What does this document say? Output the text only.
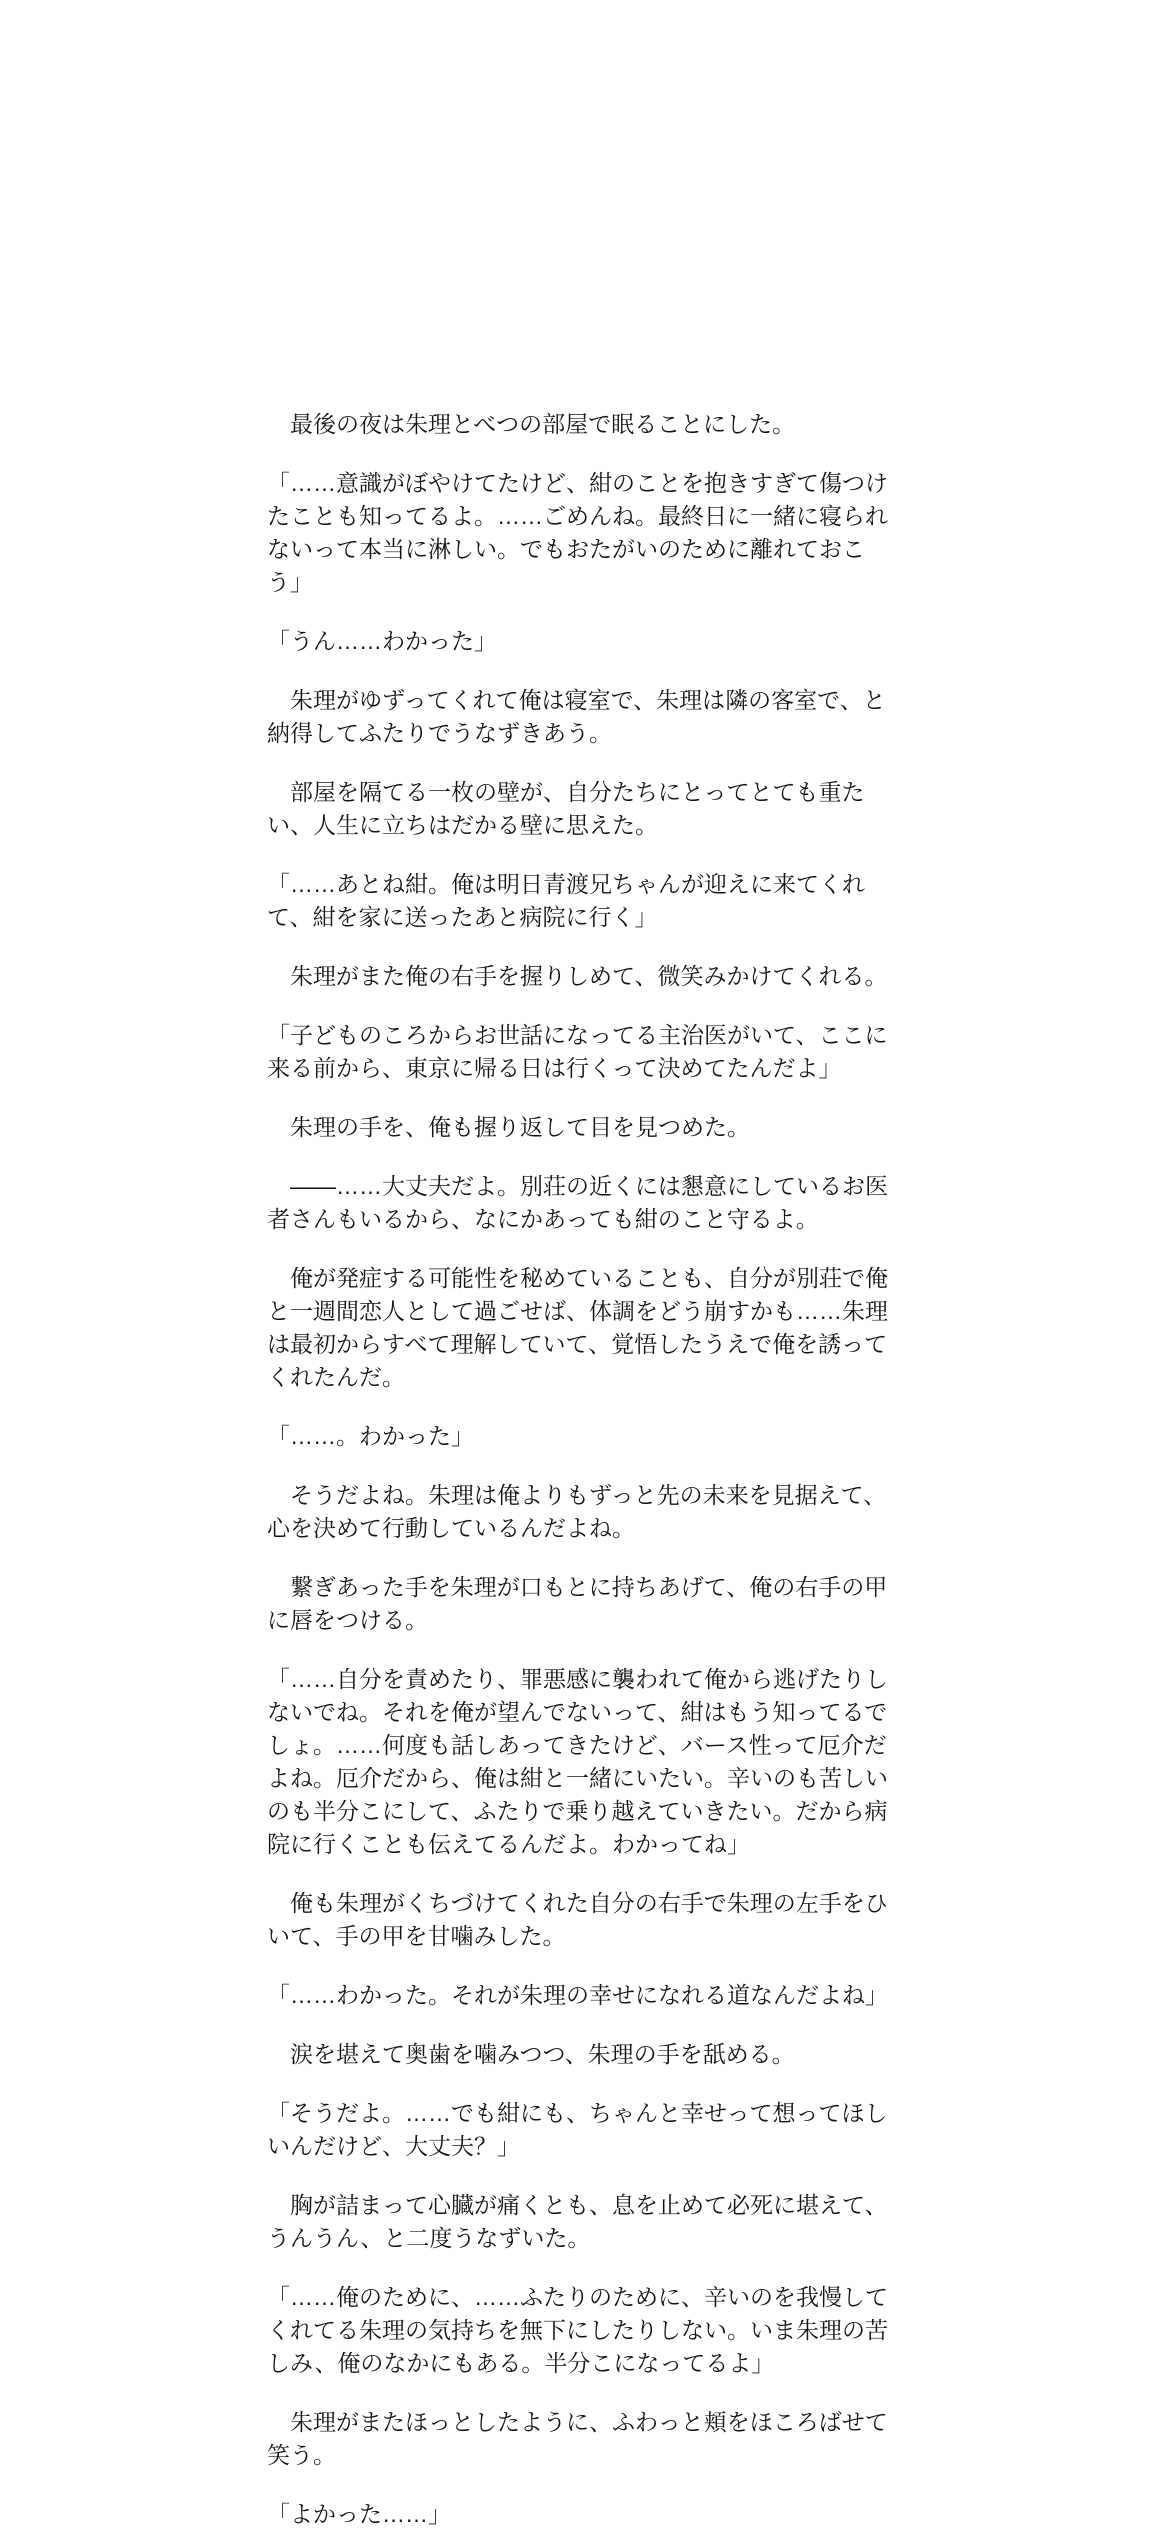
　最後の夜は朱理とべつの部屋で眠ることにした。

「……意識がぼやけてたけど、紺のことを抱きすぎて傷つけたことも知ってるよ。……ごめんね。最終日に一緒に寝られないって本当に淋しい。でもおたがいのために離れておこう」

「うん……わかった」

　朱理がゆずってくれて俺は寝室で、朱理は隣の客室で、と納得してふたりでうなずきあう。

　部屋を隔てる一枚の壁が、自分たちにとってとても重たい、人生に立ちはだかる壁に思えた。

「……あとね紺。俺は明日青渡兄ちゃんが迎えに来てくれて、紺を家に送ったあと病院に行く」

　朱理がまた俺の右手を握りしめて、微笑みかけてくれる。

「子どものころからお世話になってる主治医がいて、ここに来る前から、東京に帰る日は行くって決めてたんだよ」

　朱理の手を、俺も握り返して目を見つめた。

　――……大丈夫だよ。別荘の近くには懇意にしているお医者さんもいるから、なにかあっても紺のこと守るよ。

　俺が発症する可能性を秘めていることも、自分が別荘で俺と一週間恋人として過ごせば、体調をどう崩すかも……朱理は最初からすべて理解していて、覚悟したうえで俺を誘ってくれたんだ。

「……。わかった」

　そうだよね。朱理は俺よりもずっと先の未来を見据えて、心を決めて行動しているんだよね。

　繋ぎあった手を朱理が口もとに持ちあげて、俺の右手の甲に唇をつける。

「……自分を責めたり、罪悪感に襲われて俺から逃げたりしないでね。それを俺が望んでないって、紺はもう知ってるでしょ。……何度も話しあってきたけど、バース性って厄介だよね。厄介だから、俺は紺と一緒にいたい。辛いのも苦しいのも半分こにして、ふたりで乗り越えていきたい。だから病院に行くことも伝えてるんだよ。わかってね」

　俺も朱理がくちづけてくれた自分の右手で朱理の左手をひいて、手の甲を甘噛みした。

「……わかった。それが朱理の幸せになれる道なんだよね」

　涙を堪えて奥歯を噛みつつ、朱理の手を舐める。

「そうだよ。……でも紺にも、ちゃんと幸せって想ってほしいんだけど、大丈夫？」

　胸が詰まって心臓が痛くとも、息を止めて必死に堪えて、うんうん、と二度うなずいた。

「……俺のために、……ふたりのために、辛いのを我慢してくれてる朱理の気持ちを無下にしたりしない。いま朱理の苦しみ、俺のなかにもある。半分こになってるよ」

　朱理がまたほっとしたように、ふわっと頬をほころばせて笑う。

「よかった……」
